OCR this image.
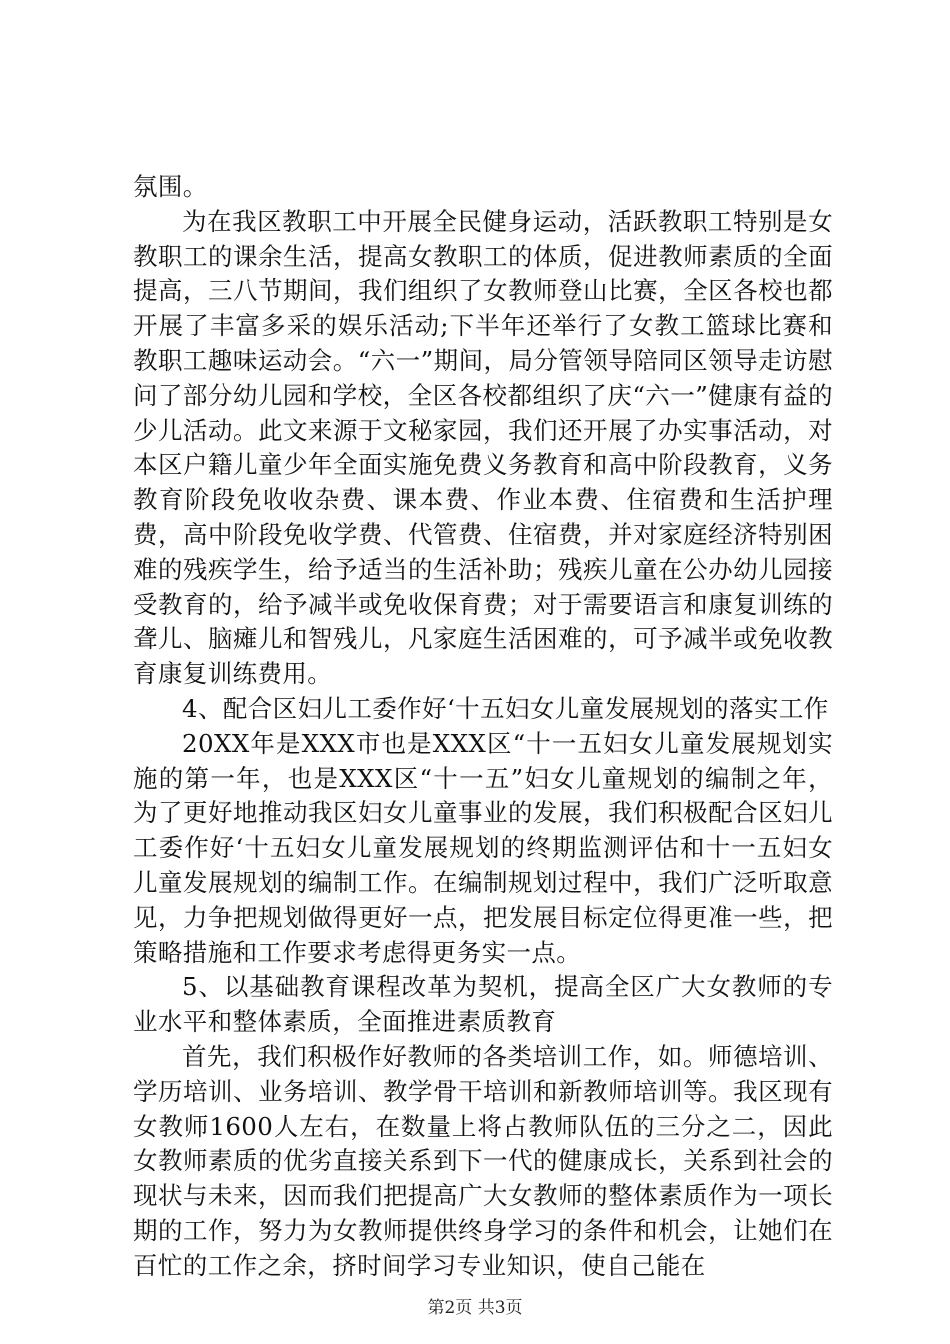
氛围。

为在我区教职工中开展全民健身运动，活跃教职工特别是女教职工的课余生活，提高女教职工的体质，促进教师素质的全面提高，三八节期间，我们组织了女教师登山比赛，全区各校也都开展了丰富多采的娱乐活动;下半年还举行了女教工篮球比赛和教职工趣味运动会。“六一”期间，局分管领导陪同区领导走访慰问了部分幼儿园和学校，全区各校都组织了庆“六一”健康有益的少儿活动。此文来源于文秘家园，我们还开展了办实事活动，对本区户籍儿童少年全面实施免费义务教育和高中阶段教育，义务教育阶段免收收杂费、课本费、作业本费、住宿费和生活护理费，高中阶段免收学费、代管费、住宿费，并对家庭经济特别困难的残疾学生，给予适当的生活补助；残疾儿童在公办幼儿园接受教育的，给予减半或免收保育费；对于需要语言和康复训练的聋儿、脑瘫儿和智残儿，凡家庭生活困难的，可予减半或免收教育康复训练费用。

4、配合区妇儿工委作好‘十五妇女儿童发展规划的落实工作

20XX年是XXX市也是XXX区“十一五妇女儿童发展规划实施的第一年，也是XXX区“十一五”妇女儿童规划的编制之年，为了更好地推动我区妇女儿童事业的发展，我们积极配合区妇儿工委作好‘十五妇女儿童发展规划的终期监测评估和十一五妇女儿童发展规划的编制工作。在编制规划过程中，我们广泛听取意见，力争把规划做得更好一点，把发展目标定位得更准一些，把策略措施和工作要求考虑得更务实一点。

5、以基础教育课程改革为契机，提高全区广大女教师的专业水平和整体素质，全面推进素质教育

首先，我们积极作好教师的各类培训工作，如。师德培训、学历培训、业务培训、教学骨干培训和新教师培训等。我区现有女教师1600人左右，在数量上将占教师队伍的三分之二，因此女教师素质的优劣直接关系到下一代的健康成长，关系到社会的现状与未来，因而我们把提高广大女教师的整体素质作为一项长期的工作，努力为女教师提供终身学习的条件和机会，让她们在百忙的工作之余，挤时间学习专业知识，使自己能在

第2页 共3页
